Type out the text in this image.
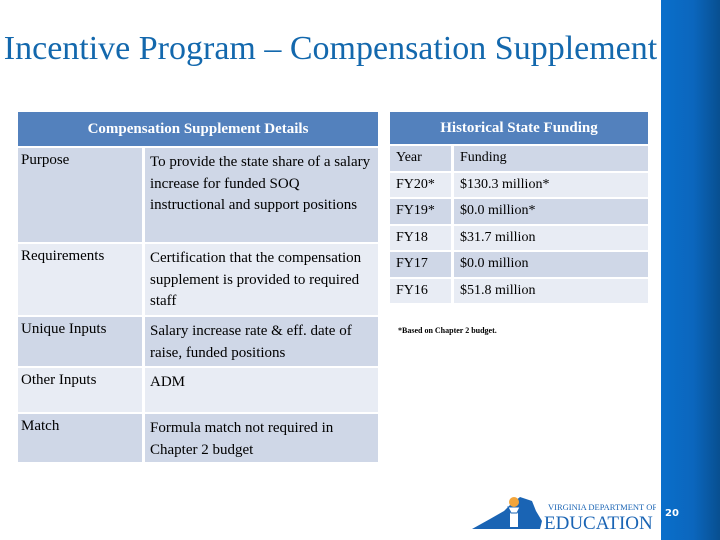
20
Incentive Program – Compensation Supplement
Compensation Supplement Details
Purpose	To provide the state share of a salary increase for funded SOQ instructional and support positions
Requirements	Certification that the compensation supplement is provided to required staff
Unique Inputs	Salary increase rate & eff. date of raise, funded positions
Other Inputs	ADM
Match	Formula match not required in Chapter 2 budget
Historical State Funding
Year	Funding
FY20*	$130.3 million*
FY19*	$0.0 million*
FY18	$31.7 million
FY17	$0.0 million
FY16	$51.8 million
*Based on Chapter 2 budget.
VIRGINIA DEPARTMENT OF
EDUCATION
